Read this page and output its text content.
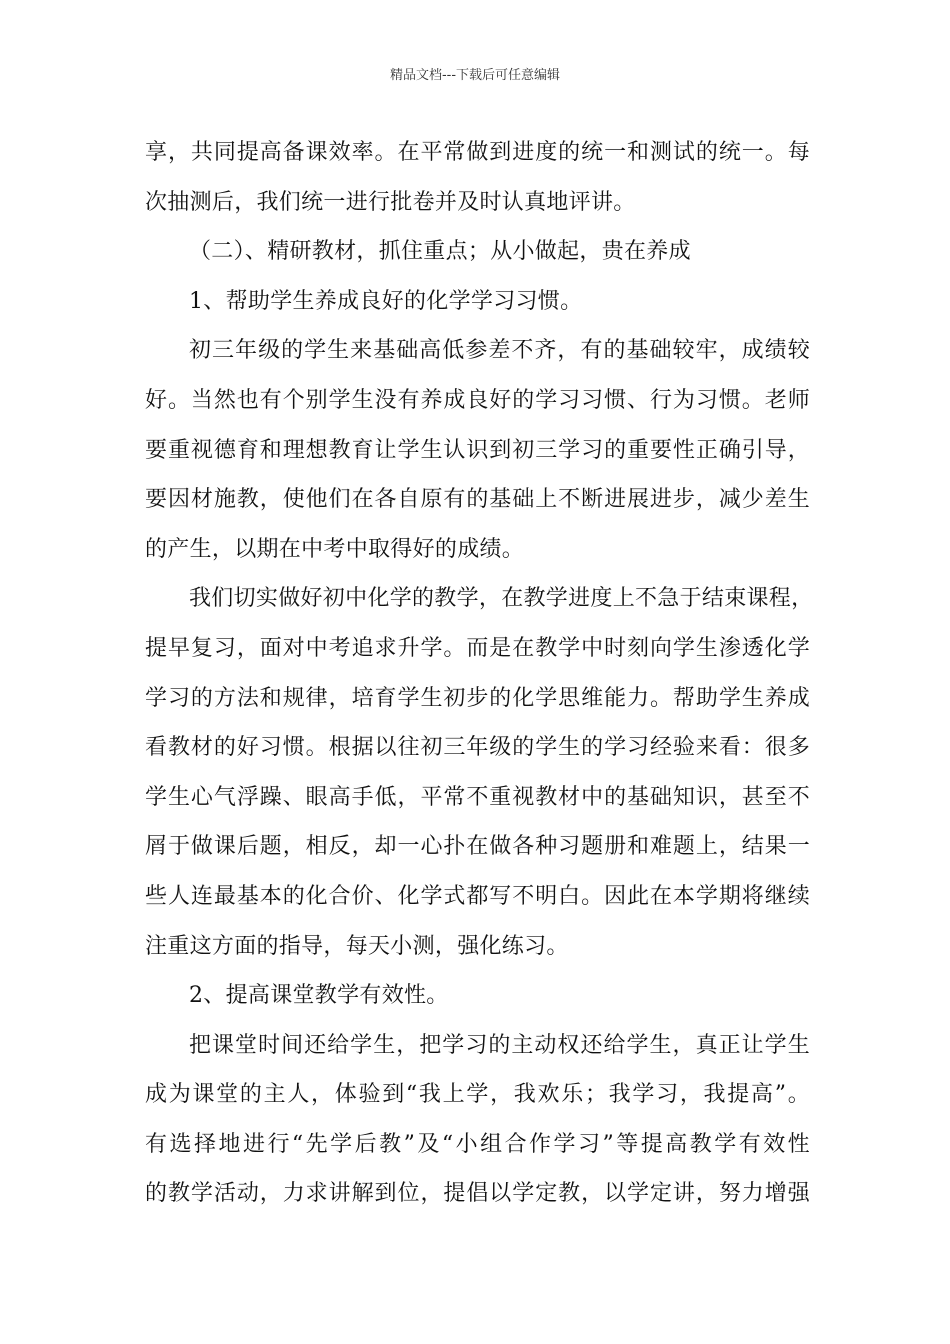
精品文档---下载后可任意编辑
享，共同提高备课效率。在平常做到进度的统一和测试的统一。每
次抽测后，我们统一进行批卷并及时认真地评讲。
（二）、精研教材，抓住重点；从小做起，贵在养成
1、帮助学生养成良好的化学学习习惯。
初三年级的学生来基础高低参差不齐，有的基础较牢，成绩较
好。当然也有个别学生没有养成良好的学习习惯、行为习惯。老师
要重视德育和理想教育让学生认识到初三学习的重要性正确引导，
要因材施教，使他们在各自原有的基础上不断进展进步，减少差生
的产生，以期在中考中取得好的成绩。
我们切实做好初中化学的教学，在教学进度上不急于结束课程，
提早复习，面对中考追求升学。而是在教学中时刻向学生渗透化学
学习的方法和规律，培育学生初步的化学思维能力。帮助学生养成
看教材的好习惯。根据以往初三年级的学生的学习经验来看：很多
学生心气浮躁、眼高手低，平常不重视教材中的基础知识，甚至不
屑于做课后题，相反，却一心扑在做各种习题册和难题上，结果一
些人连最基本的化合价、化学式都写不明白。因此在本学期将继续
注重这方面的指导，每天小测，强化练习。
2、提高课堂教学有效性。
把课堂时间还给学生，把学习的主动权还给学生，真正让学生
成为课堂的主人，体验到“我上学，我欢乐；我学习，我提高”。
有选择地进行“先学后教”及“小组合作学习”等提高教学有效性
的教学活动，力求讲解到位，提倡以学定教，以学定讲，努力增强
